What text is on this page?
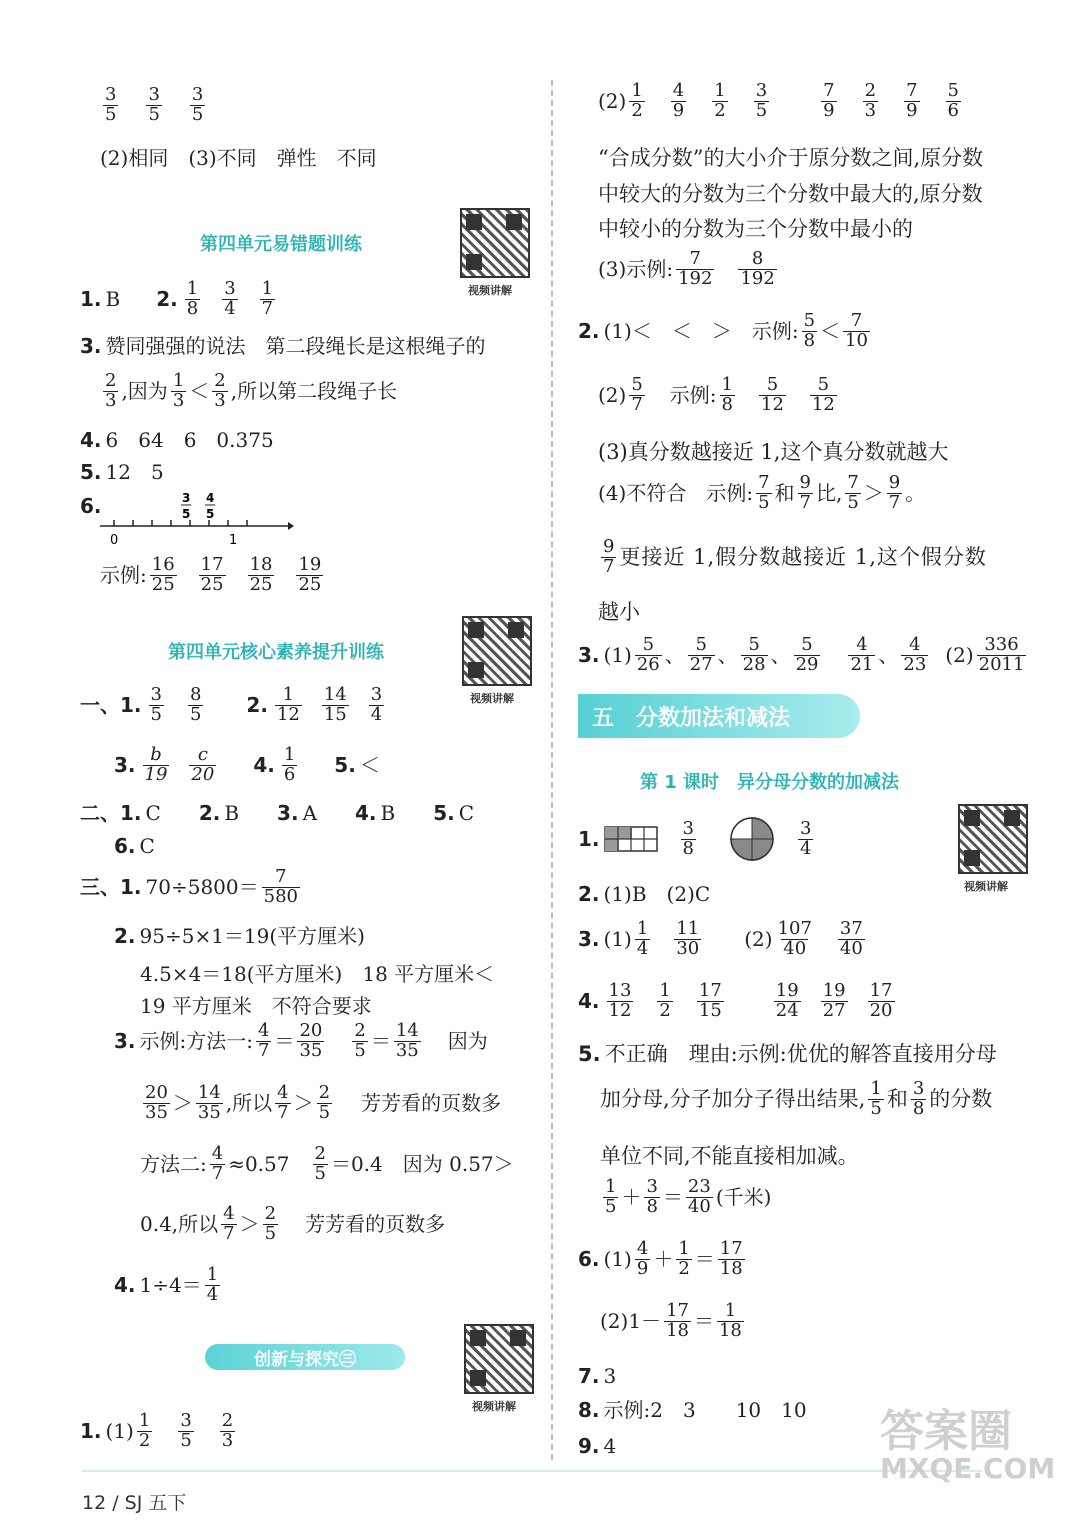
$\frac{3}{5} \frac{3}{5} \frac{3}{5}$
(2)相同　(3)不同　弹性　不同
第四单元易错题训练
视频讲解
1. B 2. $\frac{1}{8} \frac{3}{4} \frac{1}{7}$
3. 赞同强强的说法　第二段绳长是这根绳子的
$\frac{2}{3}$ ,因为 $\frac{1}{3} < \frac{2}{3}$ ,所以第二段绳子长
4. 6　64　6　0.375
5. 12　5
6.
0	1
3
5
4
5
示例: $\frac{16}{25} \frac{17}{25} \frac{18}{25} \frac{19}{25}$
第四单元核心素养提升训练
视频讲解
一、1. $\frac{3}{5} \frac{8}{5} 2$. $\frac{1}{12} \frac{14}{15} \frac{3}{4}$
3. $\frac{b}{19} \frac{c}{20} 4$. $\frac{1}{6} 5$. ＜
二、1. C 2. B 3. A 4. B 5. C
6. C
三、1. $70\div 5800= \frac{7}{580}$
2. 95÷5×1＝19(平方厘米)
4.5×4＝18(平方厘米)　18 平方厘米＜
19 平方厘米　不符合要求
3. 示例:方法一: $\frac{4}{7} = \frac{20}{35} \frac{2}{5} = \frac{14}{35}$ 因为
$\frac{20}{35} > \frac{14}{35}$ ,所以 $\frac{4}{7} > \frac{2}{5}$ 芳芳看的页数多
方法二: $\frac{4}{7} \approx 0.57 \frac{2}{5} =0.4$　因为 0.57＞
0.4,所以 $\frac{4}{7} > \frac{2}{5}$ 芳芳看的页数多
4. $1\div 4= \frac{1}{4}$
创新与探究㊂
视频讲解
1. $(1) \frac{1}{2} \frac{3}{5} \frac{2}{3}$
$(2) \frac{1}{2} \frac{4}{9} \frac{1}{2} \frac{3}{5}$	$\frac{7}{9} \frac{2}{3} \frac{7}{9} \frac{5}{6}$
“合成分数”的大小介于原分数之间,原分数
中较大的分数为三个分数中最大的,原分数
中较小的分数为三个分数中最小的
(3)示例: $\frac{7}{192} \frac{8}{192}$
2. (1)＜　＜　＞　示例: $\frac{5}{8} < \frac{7}{10}$
$(2) \frac{5}{7}$ 示例: $\frac{1}{8} \frac{5}{12} \frac{5}{12}$
(3)真分数越接近 1,这个真分数就越大
(4)不符合　示例: $\frac{7}{5}$ 和 $\frac{9}{7}$ 比, $\frac{7}{5} > \frac{9}{7}$ 。
$\frac{9}{7}$ 更接近 1,假分数越接近 1,这个假分数
越小
3. $(1) \frac{5}{26}$ 、 $\frac{5}{27}$ 、 $\frac{5}{28}$ 、 $\frac{5}{29} \frac{4}{21}$ 、 $\frac{4}{23} (2) \frac{336}{2011}$
五　分数加法和减法
第 1 课时　异分母分数的加减法
视频讲解
1.	$\frac{3}{8}$	$\frac{3}{4}$
2. (1)B　(2)C
3. $(1) \frac{1}{4} \frac{11}{30} (2) \frac{107}{40} \frac{37}{40}$
4. $\frac{13}{12} \frac{1}{2} \frac{17}{15}$	$\frac{19}{24} \frac{19}{27} \frac{17}{20}$
5. 不正确　理由:示例:优优的解答直接用分母
加分母,分子加分子得出结果, $\frac{1}{5}$ 和 $\frac{3}{8}$ 的分数
单位不同,不能直接相加减。
$\frac{1}{5} + \frac{3}{8} = \frac{23}{40}$ (千米)
6. $(1) \frac{4}{9} + \frac{1}{2} = \frac{17}{18}$
$(2)1- \frac{17}{18} = \frac{1}{18}$
7. 3
8. 示例:2　3　　10　10
9. 4
12 / SJ 五下
答案圈
MXQE.COM
